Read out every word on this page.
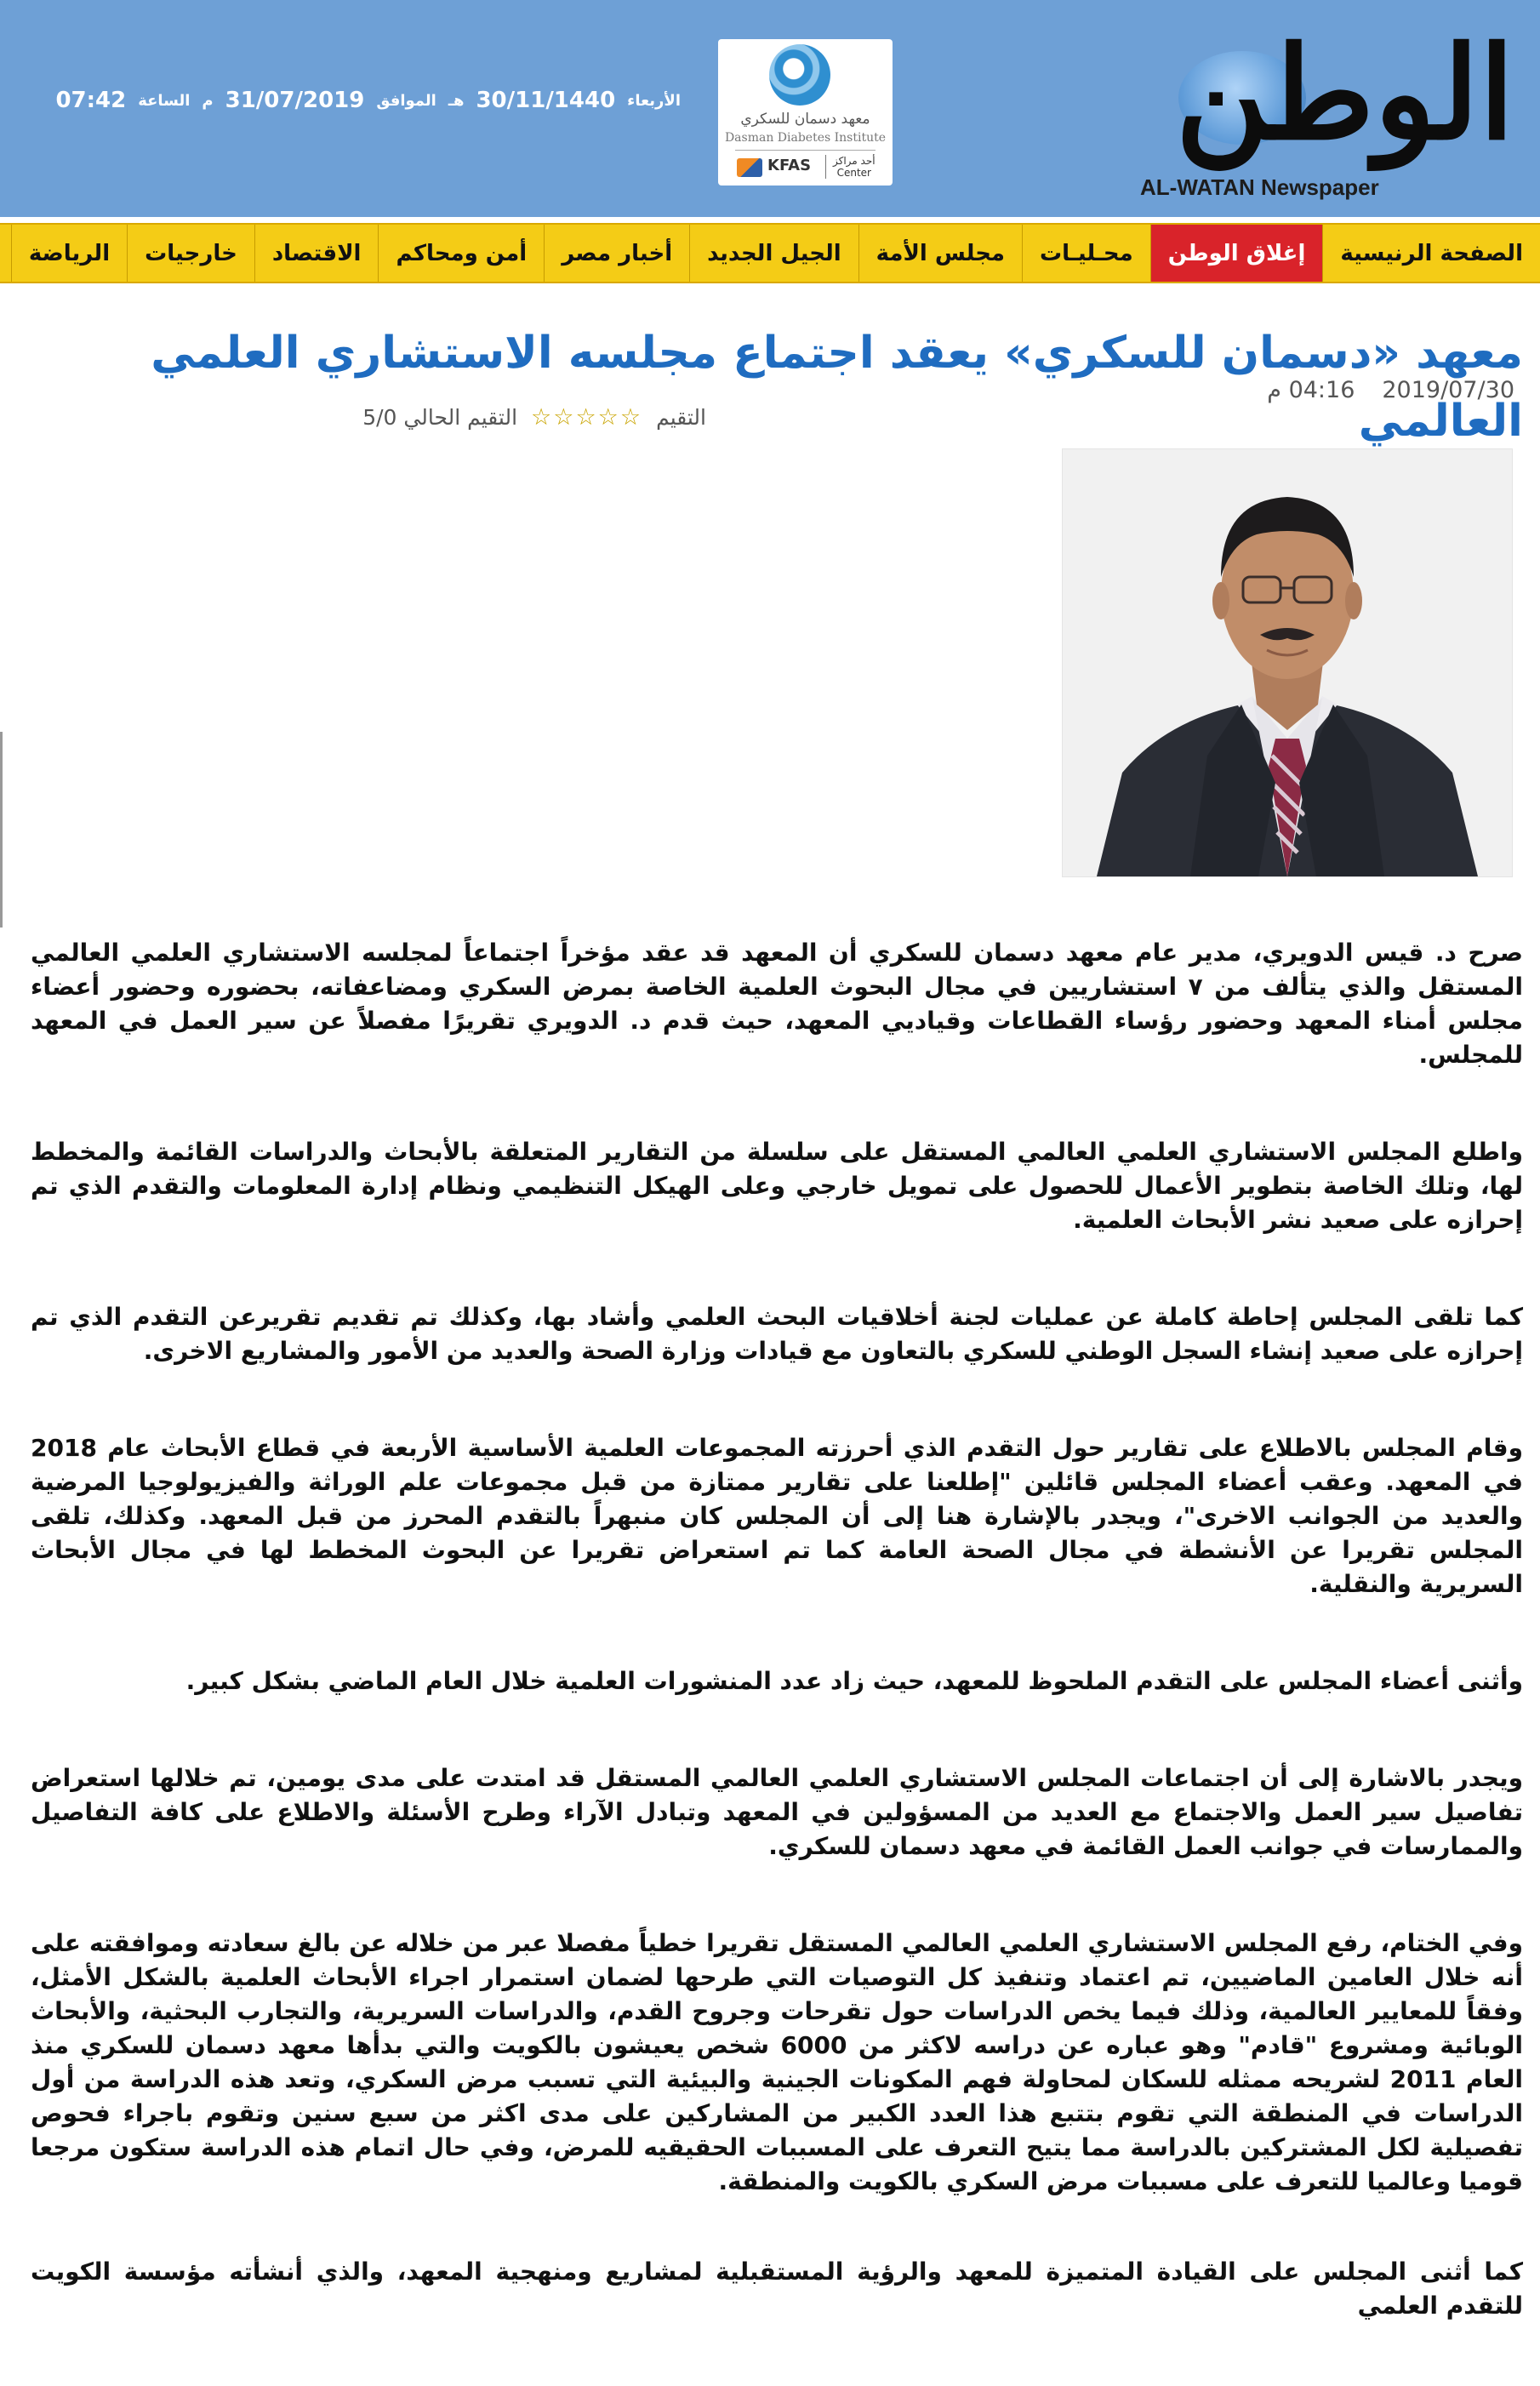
الأربعاء
30/11/1440
هـ
الموافق
31/07/2019
م
الساعة
07:42
معهد دسمان للسكري
Dasman Diabetes Institute
KFAS أحد مراكز
Center
الوطن
AL-WATAN Newspaper
الصفحة الرنيسية
إغلاق الوطن
محـليـات
مجلس الأمة
الجيل الجديد
أخبار مصر
أمن ومحاكم
الاقتصاد
خارجيات
الرياضة
معهد «دسمان للسكري» يعقد اجتماع مجلسه الاستشاري العلمي العالمي
2019/07/30
04:16 م
التقيم
☆☆☆☆☆
التقيم الحالي 5/0

صرح د. قيس الدويري، مدير عام معهد دسمان للسكري أن المعهد قد عقد مؤخراً اجتماعاً لمجلسه الاستشاري العلمي العالمي المستقل والذي يتألف من ٧ استشاريين في مجال البحوث العلمية الخاصة بمرض السكري ومضاعفاته، بحضوره وحضور أعضاء مجلس أمناء المعهد وحضور رؤساء القطاعات وقياديي المعهد، حيث قدم د. الدويري تقريرًا مفصلاً عن سير العمل في المعهد للمجلس.

واطلع المجلس الاستشاري العلمي العالمي المستقل على سلسلة من التقارير المتعلقة بالأبحاث والدراسات القائمة والمخطط لها، وتلك الخاصة بتطوير الأعمال للحصول على تمويل خارجي وعلى الهيكل التنظيمي ونظام إدارة المعلومات والتقدم الذي تم إحرازه على صعيد نشر الأبحاث العلمية.

كما تلقى المجلس إحاطة كاملة عن عمليات لجنة أخلاقيات البحث العلمي وأشاد بها، وكذلك تم تقديم تقريرعن التقدم الذي تم إحرازه على صعيد إنشاء السجل الوطني للسكري بالتعاون مع قيادات وزارة الصحة والعديد من الأمور والمشاريع الاخرى.

وقام المجلس بالاطلاع على تقارير حول التقدم الذي أحرزته المجموعات العلمية الأساسية الأربعة في قطاع الأبحاث عام 2018 في المعهد. وعقب أعضاء المجلس قائلين "إطلعنا على تقارير ممتازة من قبل مجموعات علم الوراثة والفيزيولوجيا المرضية والعديد من الجوانب الاخرى"، ويجدر بالإشارة هنا إلى أن المجلس كان منبهراً بالتقدم المحرز من قبل المعهد. وكذلك، تلقى المجلس تقريرا عن الأنشطة في مجال الصحة العامة كما تم استعراض تقريرا عن البحوث المخطط لها في مجال الأبحاث السريرية والنقلية.

وأثنى أعضاء المجلس على التقدم الملحوظ للمعهد، حيث زاد عدد المنشورات العلمية خلال العام الماضي بشكل كبير.

ويجدر بالاشارة إلى أن اجتماعات المجلس الاستشاري العلمي العالمي المستقل قد امتدت على مدى يومين، تم خلالها استعراض تفاصيل سير العمل والاجتماع مع العديد من المسؤولين في المعهد وتبادل الآراء وطرح الأسئلة والاطلاع على كافة التفاصيل والممارسات في جوانب العمل القائمة في معهد دسمان للسكري.

وفي الختام، رفع المجلس الاستشاري العلمي العالمي المستقل تقريرا خطياً مفصلا عبر من خلاله عن بالغ سعادته وموافقته على أنه خلال العامين الماضيين، تم اعتماد وتنفيذ كل التوصيات التي طرحها لضمان استمرار اجراء الأبحاث العلمية بالشكل الأمثل، وفقاً للمعايير العالمية، وذلك فيما يخص الدراسات حول تقرحات وجروح القدم، والدراسات السريرية، والتجارب البحثية، والأبحاث الوبائية ومشروع "قادم" وهو عباره عن دراسه لاكثر من 6000 شخص يعيشون بالكويت والتي بدأها معهد دسمان للسكري منذ العام 2011 لشريحه ممثله للسكان لمحاولة فهم المكونات الجينية والبيئية التي تسبب مرض السكري، وتعد هذه الدراسة من أول الدراسات في المنطقة التي تقوم بتتبع هذا العدد الكبير من المشاركين على مدى اكثر من سبع سنين وتقوم باجراء فحوص تفصيلية لكل المشتركين بالدراسة مما يتيح التعرف على المسببات الحقيقيه للمرض، وفي حال اتمام هذه الدراسة ستكون مرجعا قوميا وعالميا للتعرف على مسببات مرض السكري بالكويت والمنطقة.

كما أثنى المجلس على القيادة المتميزة للمعهد والرؤية المستقبلية لمشاريع ومنهجية المعهد، والذي أنشأته مؤسسة الكويت للتقدم العلمي
